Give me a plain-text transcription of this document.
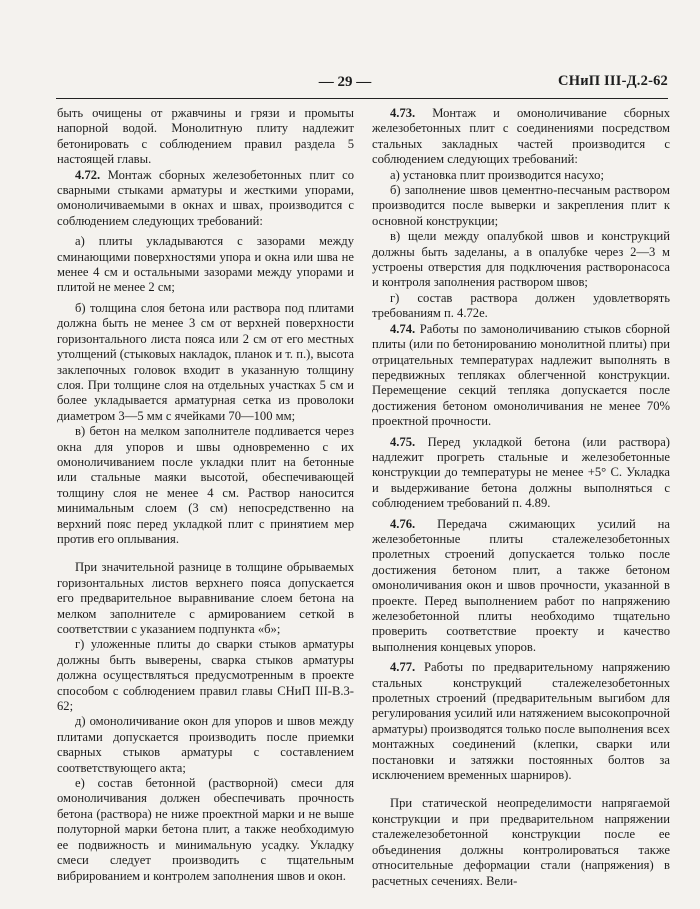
— 29 —	СНиП III-Д.2-62

быть очищены от ржавчины и грязи и промыты напорной водой. Монолитную плиту надлежит бетонировать с соблюдением правил раздела 5 настоящей главы.

4.72. Монтаж сборных железобетонных плит со сварными стыками арматуры и жесткими упорами, омоноличиваемыми в окнах и швах, производится с соблюдением следующих требований:

а) плиты укладываются с зазорами между сминающими поверхностями упора и окна или шва не менее 4 см и остальными зазорами между упорами и плитой не менее 2 см;

б) толщина слоя бетона или раствора под плитами должна быть не менее 3 см от верхней поверхности горизонтального листа пояса или 2 см от его местных утолщений (стыковых накладок, планок и т. п.), высота заклепочных головок входит в указанную толщину слоя. При толщине слоя на отдельных участках 5 см и более укладывается арматурная сетка из проволоки диаметром 3—5 мм с ячейками 70—100 мм;

в) бетон на мелком заполнителе подливается через окна для упоров и швы одновременно с их омоноличиванием после укладки плит на бетонные или стальные маяки высотой, обеспечивающей толщину слоя не менее 4 см. Раствор наносится минимальным слоем (3 см) непосредственно на верхний пояс перед укладкой плит с принятием мер против его оплывания.

При значительной разнице в толщине обрываемых горизонтальных листов верхнего пояса допускается его предварительное выравнивание слоем бетона на мелком заполнителе с армированием сеткой в соответствии с указанием подпункта «б»;

г) уложенные плиты до сварки стыков арматуры должны быть выверены, сварка стыков арматуры должна осуществляться предусмотренным в проекте способом с соблюдением правил главы СНиП III-В.3-62;

д) омоноличивание окон для упоров и швов между плитами допускается производить после приемки сварных стыков арматуры с составлением соответствующего акта;

е) состав бетонной (растворной) смеси для омоноличивания должен обеспечивать прочность бетона (раствора) не ниже проектной марки и не выше полуторной марки бетона плит, а также необходимую ее подвижность и минимальную усадку. Укладку смеси следует производить с тщательным вибрированием и контролем заполнения швов и окон.

4.73. Монтаж и омоноличивание сборных железобетонных плит с соединениями посредством стальных закладных частей производится с соблюдением следующих требований:

а) установка плит производится насухо;

б) заполнение швов цементно-песчаным раствором производится после выверки и закрепления плит к основной конструкции;

в) щели между опалубкой швов и конструкций должны быть заделаны, а в опалубке через 2—3 м устроены отверстия для подключения растворонасоса и контроля заполнения раствором швов;

г) состав раствора должен удовлетворять требованиям п. 4.72е.

4.74. Работы по замоноличиванию стыков сборной плиты (или по бетонированию монолитной плиты) при отрицательных температурах надлежит выполнять в передвижных тепляках облегченной конструкции. Перемещение секций тепляка допускается после достижения бетоном омоноличивания не менее 70% проектной прочности.

4.75. Перед укладкой бетона (или раствора) надлежит прогреть стальные и железобетонные конструкции до температуры не менее +5° С. Укладка и выдерживание бетона должны выполняться с соблюдением требований п. 4.89.

4.76. Передача сжимающих усилий на железобетонные плиты сталежелезобетонных пролетных строений допускается только после достижения бетоном плит, а также бетоном омоноличивания окон и швов прочности, указанной в проекте. Перед выполнением работ по напряжению железобетонной плиты необходимо тщательно проверить соответствие проекту и качество выполнения концевых упоров.

4.77. Работы по предварительному напряжению стальных конструкций сталежелезобетонных пролетных строений (предварительным выгибом для регулирования усилий или натяжением высокопрочной арматуры) производятся только после выполнения всех монтажных соединений (клепки, сварки или постановки и затяжки постоянных болтов за исключением временных шарниров).

При статической неопределимости напрягаемой конструкции и при предварительном напряжении сталежелезобетонной конструкции после ее объединения должны контролироваться также относительные деформации стали (напряжения) в расчетных сечениях. Вели-
